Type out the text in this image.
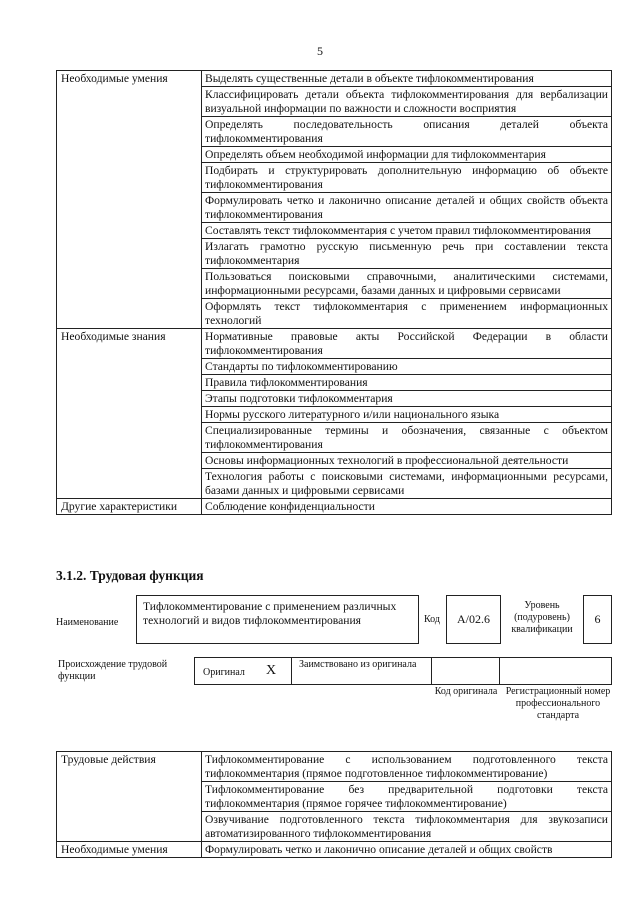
5
Необходимые умения	Выделять существенные детали в объекте тифлокомментирования
	Классифицировать детали объекта тифлокомментирования для вербализации визуальной информации по важности и сложности восприятия
	Определять последовательность описания деталей объекта тифлокомментирования
	Определять объем необходимой информации для тифлокомментария
	Подбирать и структурировать дополнительную информацию об объекте тифлокомментирования
	Формулировать четко и лаконично описание деталей и общих свойств объекта тифлокомментирования
	Составлять текст тифлокомментария с учетом правил тифлокомментирования
	Излагать грамотно русскую письменную речь при составлении текста тифлокомментария
	Пользоваться поисковыми справочными, аналитическими системами, информационными ресурсами, базами данных и цифровыми сервисами
	Оформлять текст тифлокомментария с применением информационных технологий
Необходимые знания	Нормативные правовые акты Российской Федерации в области тифлокомментирования
	Стандарты по тифлокомментированию
	Правила тифлокомментирования
	Этапы подготовки тифлокомментария
	Нормы русского литературного и/или национального языка
	Специализированные термины и обозначения, связанные с объектом тифлокомментирования
	Основы информационных технологий в профессиональной деятельности
	Технология работы с поисковыми системами, информационными ресурсами, базами данных и цифровыми сервисами
Другие характеристики	Соблюдение конфиденциальности
3.1.2. Трудовая функция
Наименование
Тифлокомментирование с применением различных технологий и видов тифлокомментирования	Код	А/02.6
Уровень (подуровень) квалификации
6
Происхождение трудовой функции	Оригинал X Заимствовано из оригинала
Код оригинала Регистрационный номер профессионального стандарта
Трудовые действия	Тифлокомментирование с использованием подготовленного текста тифлокомментария (прямое подготовленное тифлокомментирование)
	Тифлокомментирование без предварительной подготовки текста тифлокомментария (прямое горячее тифлокомментирование)
	Озвучивание подготовленного текста тифлокомментария для звукозаписи автоматизированного тифлокомментирования
Необходимые умения	Формулировать четко и лаконично описание деталей и общих свойств
